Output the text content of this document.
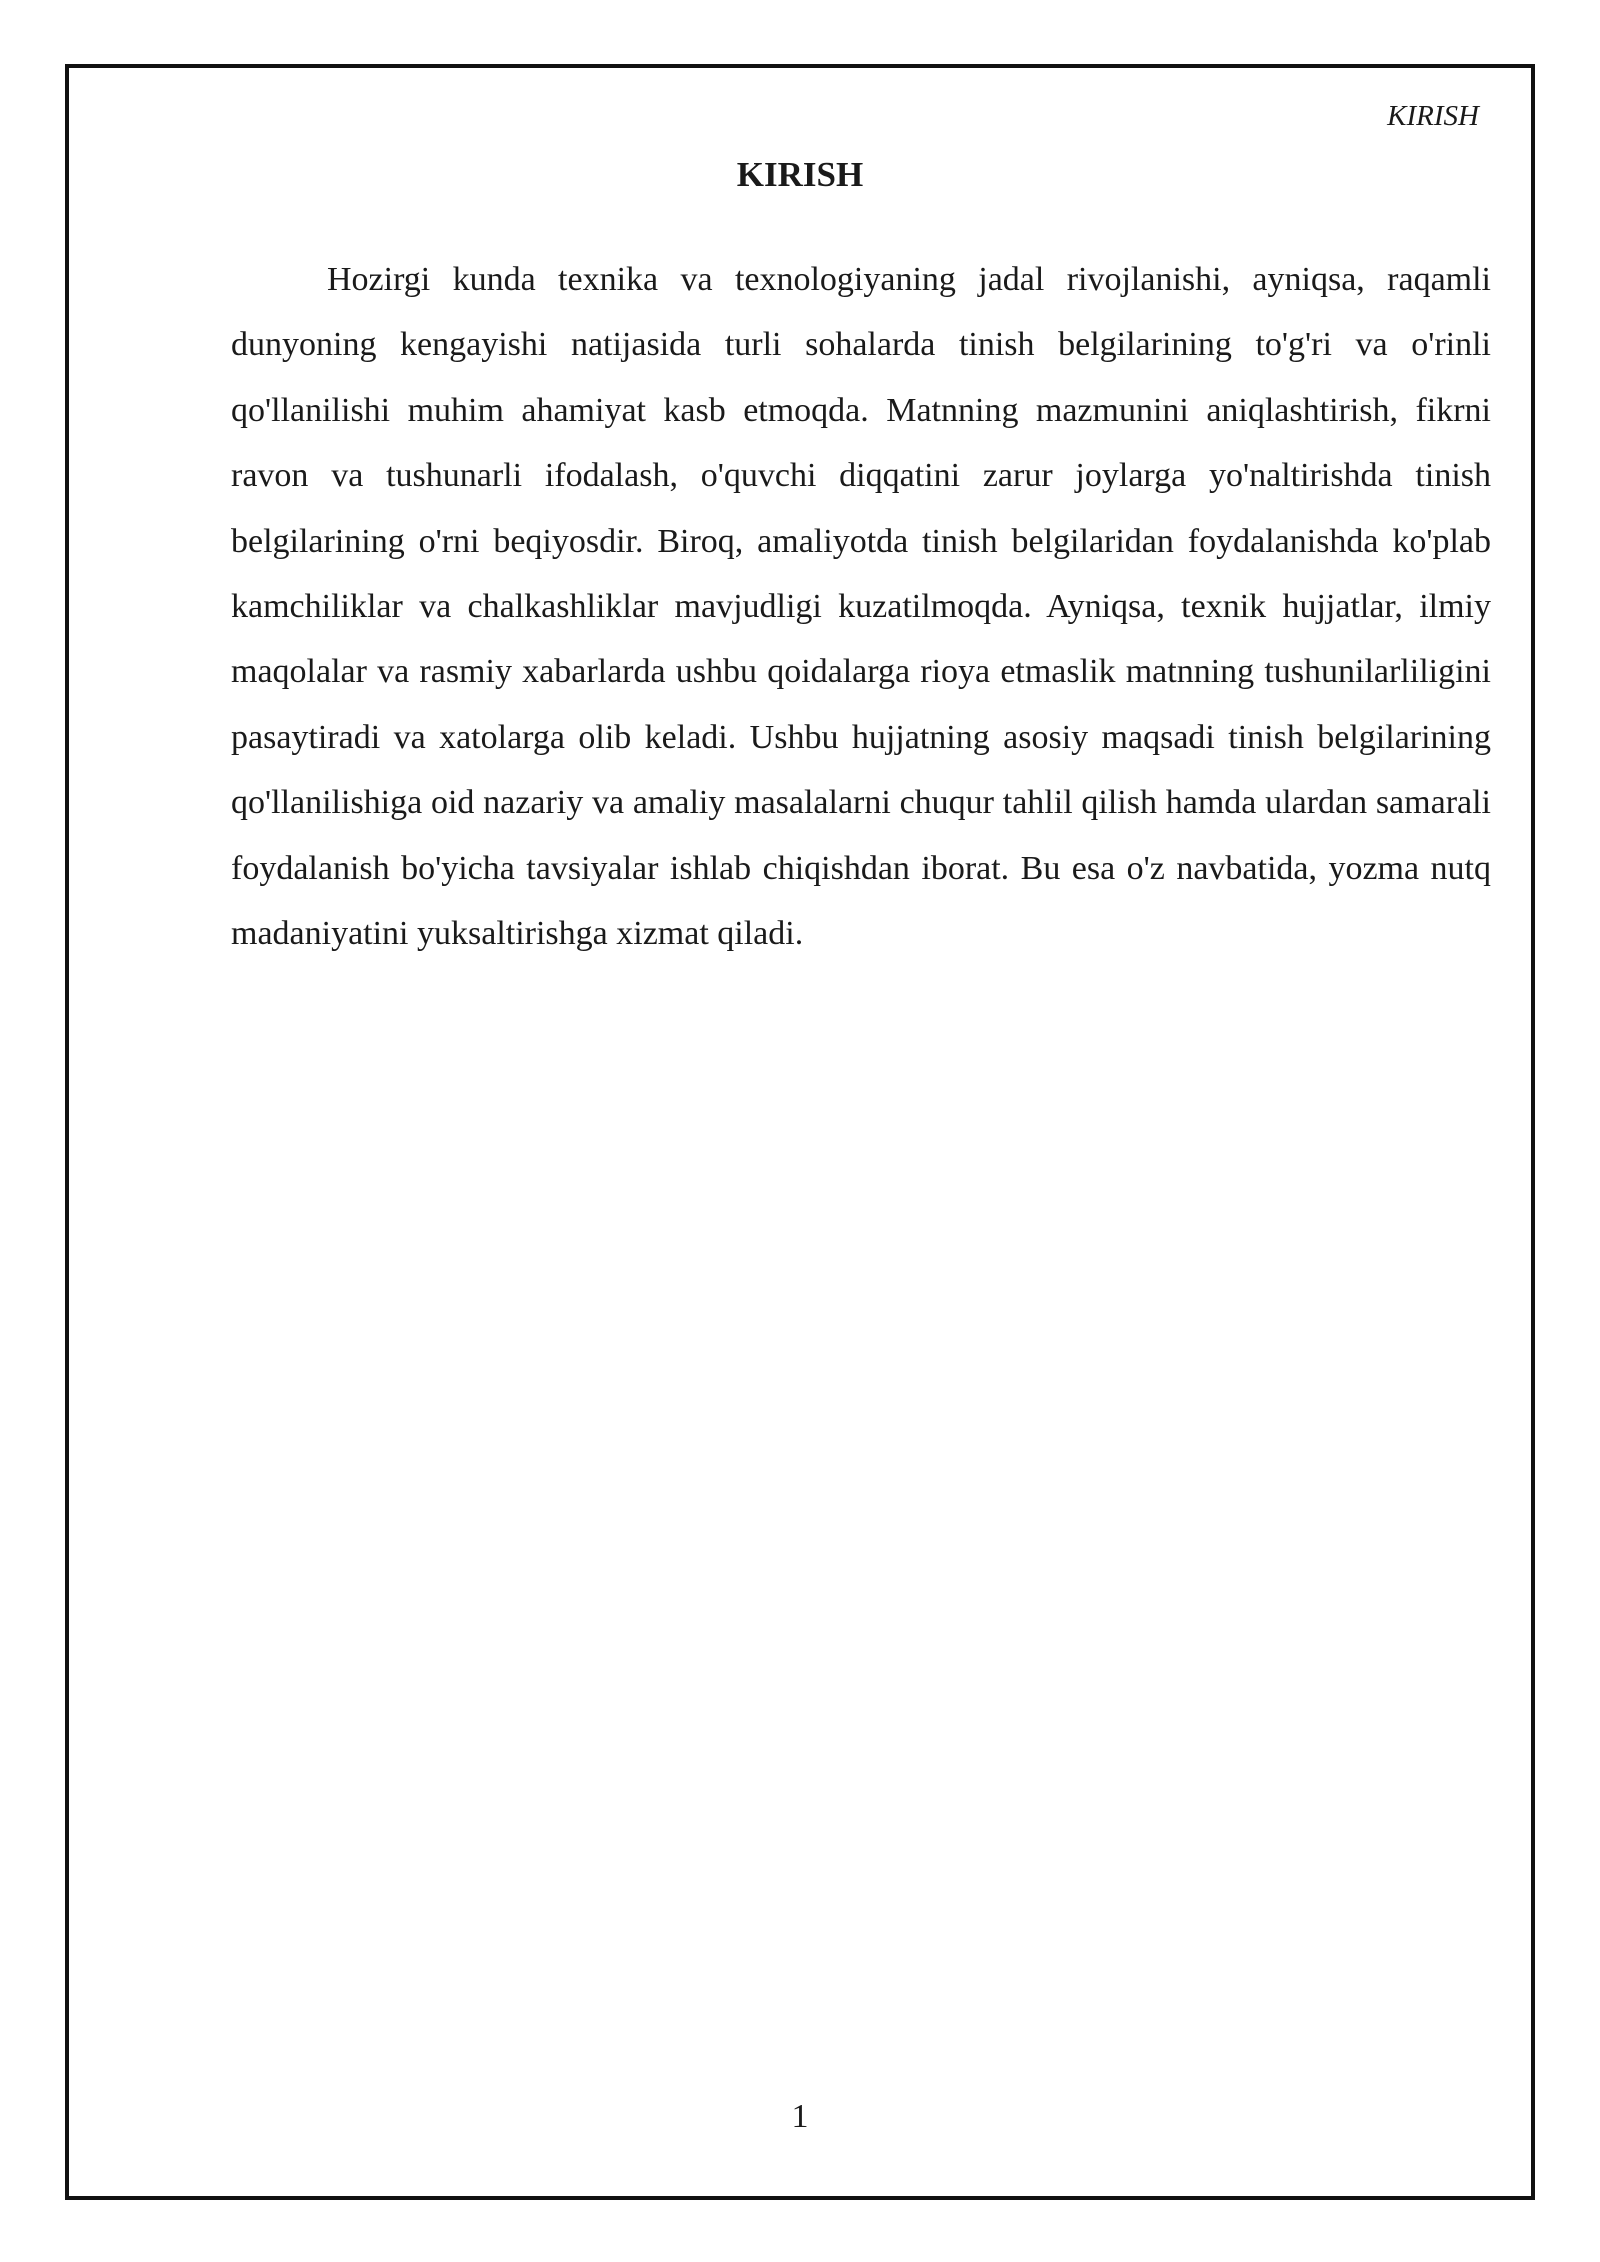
KIRISH
KIRISH

Hozirgi kunda texnika va texnologiyaning jadal rivojlanishi, ayniqsa, raqamli dunyoning kengayishi natijasida turli sohalarda tinish belgilarining to'g'ri va o'rinli qo'llanilishi muhim ahamiyat kasb etmoqda. Matnning mazmunini aniqlashtirish, fikrni ravon va tushunarli ifodalash, o'quvchi diqqatini zarur joylarga yo'naltirishda tinish belgilarining o'rni beqiyosdir. Biroq, amaliyotda tinish belgilaridan foydalanishda ko'plab kamchiliklar va chalkashliklar mavjudligi kuzatilmoqda. Ayniqsa, texnik hujjatlar, ilmiy maqolalar va rasmiy xabarlarda ushbu qoidalarga rioya etmaslik matnning tushunilarliligini pasaytiradi va xatolarga olib keladi. Ushbu hujjatning asosiy maqsadi tinish belgilarining qo'llanilishiga oid nazariy va amaliy masalalarni chuqur tahlil qilish hamda ulardan samarali foydalanish bo'yicha tavsiyalar ishlab chiqishdan iborat. Bu esa o'z navbatida, yozma nutq madaniyatini yuksaltirishga xizmat qiladi.

1
